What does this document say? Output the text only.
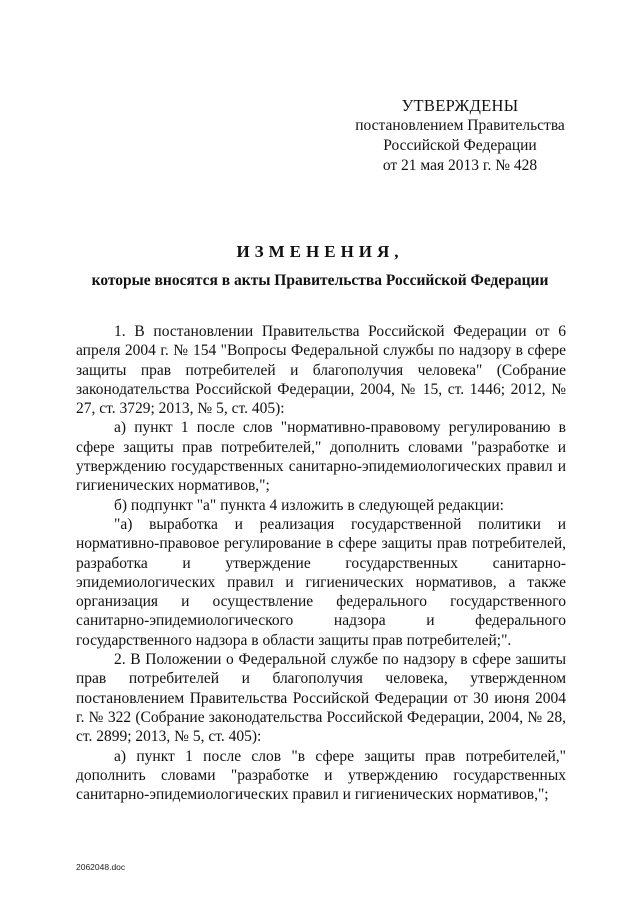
УТВЕРЖДЕНЫ
постановлением Правительства
Российской Федерации
от 21 мая 2013 г. № 428
ИЗМЕНЕНИЯ,
которые вносятся в акты Правительства Российской Федерации

1. В постановлении Правительства Российской Федерации от 6 апреля 2004 г. № 154 "Вопросы Федеральной службы по надзору в сфере защиты прав потребителей и благополучия человека" (Собрание законодательства Российской Федерации, 2004, № 15, ст. 1446; 2012, № 27, ст. 3729; 2013, № 5, ст. 405):

а) пункт 1 после слов "нормативно-правовому регулированию в сфере защиты прав потребителей," дополнить словами "разработке и утверждению государственных санитарно-эпидемиологических правил и гигиенических нормативов,";

б) подпункт "а" пункта 4 изложить в следующей редакции:

"а) выработка и реализация государственной политики и нормативно-правовое регулирование в сфере защиты прав потребителей, разработка и утверждение государственных санитарно-эпидемиологических правил и гигиенических нормативов, а также организация и осуществление федерального государственного санитарно-эпидемиологического надзора и федерального государственного надзора в области защиты прав потребителей;".

2. В Положении о Федеральной службе по надзору в сфере зашиты прав потребителей и благополучия человека, утвержденном постановлением Правительства Российской Федерации от 30 июня 2004 г. № 322 (Собрание законодательства Российской Федерации, 2004, № 28, ст. 2899; 2013, № 5, ст. 405):

а) пункт 1 после слов "в сфере защиты прав потребителей," дополнить словами "разработке и утверждению государственных санитарно-эпидемиологических правил и гигиенических нормативов,";

2062048.doc
